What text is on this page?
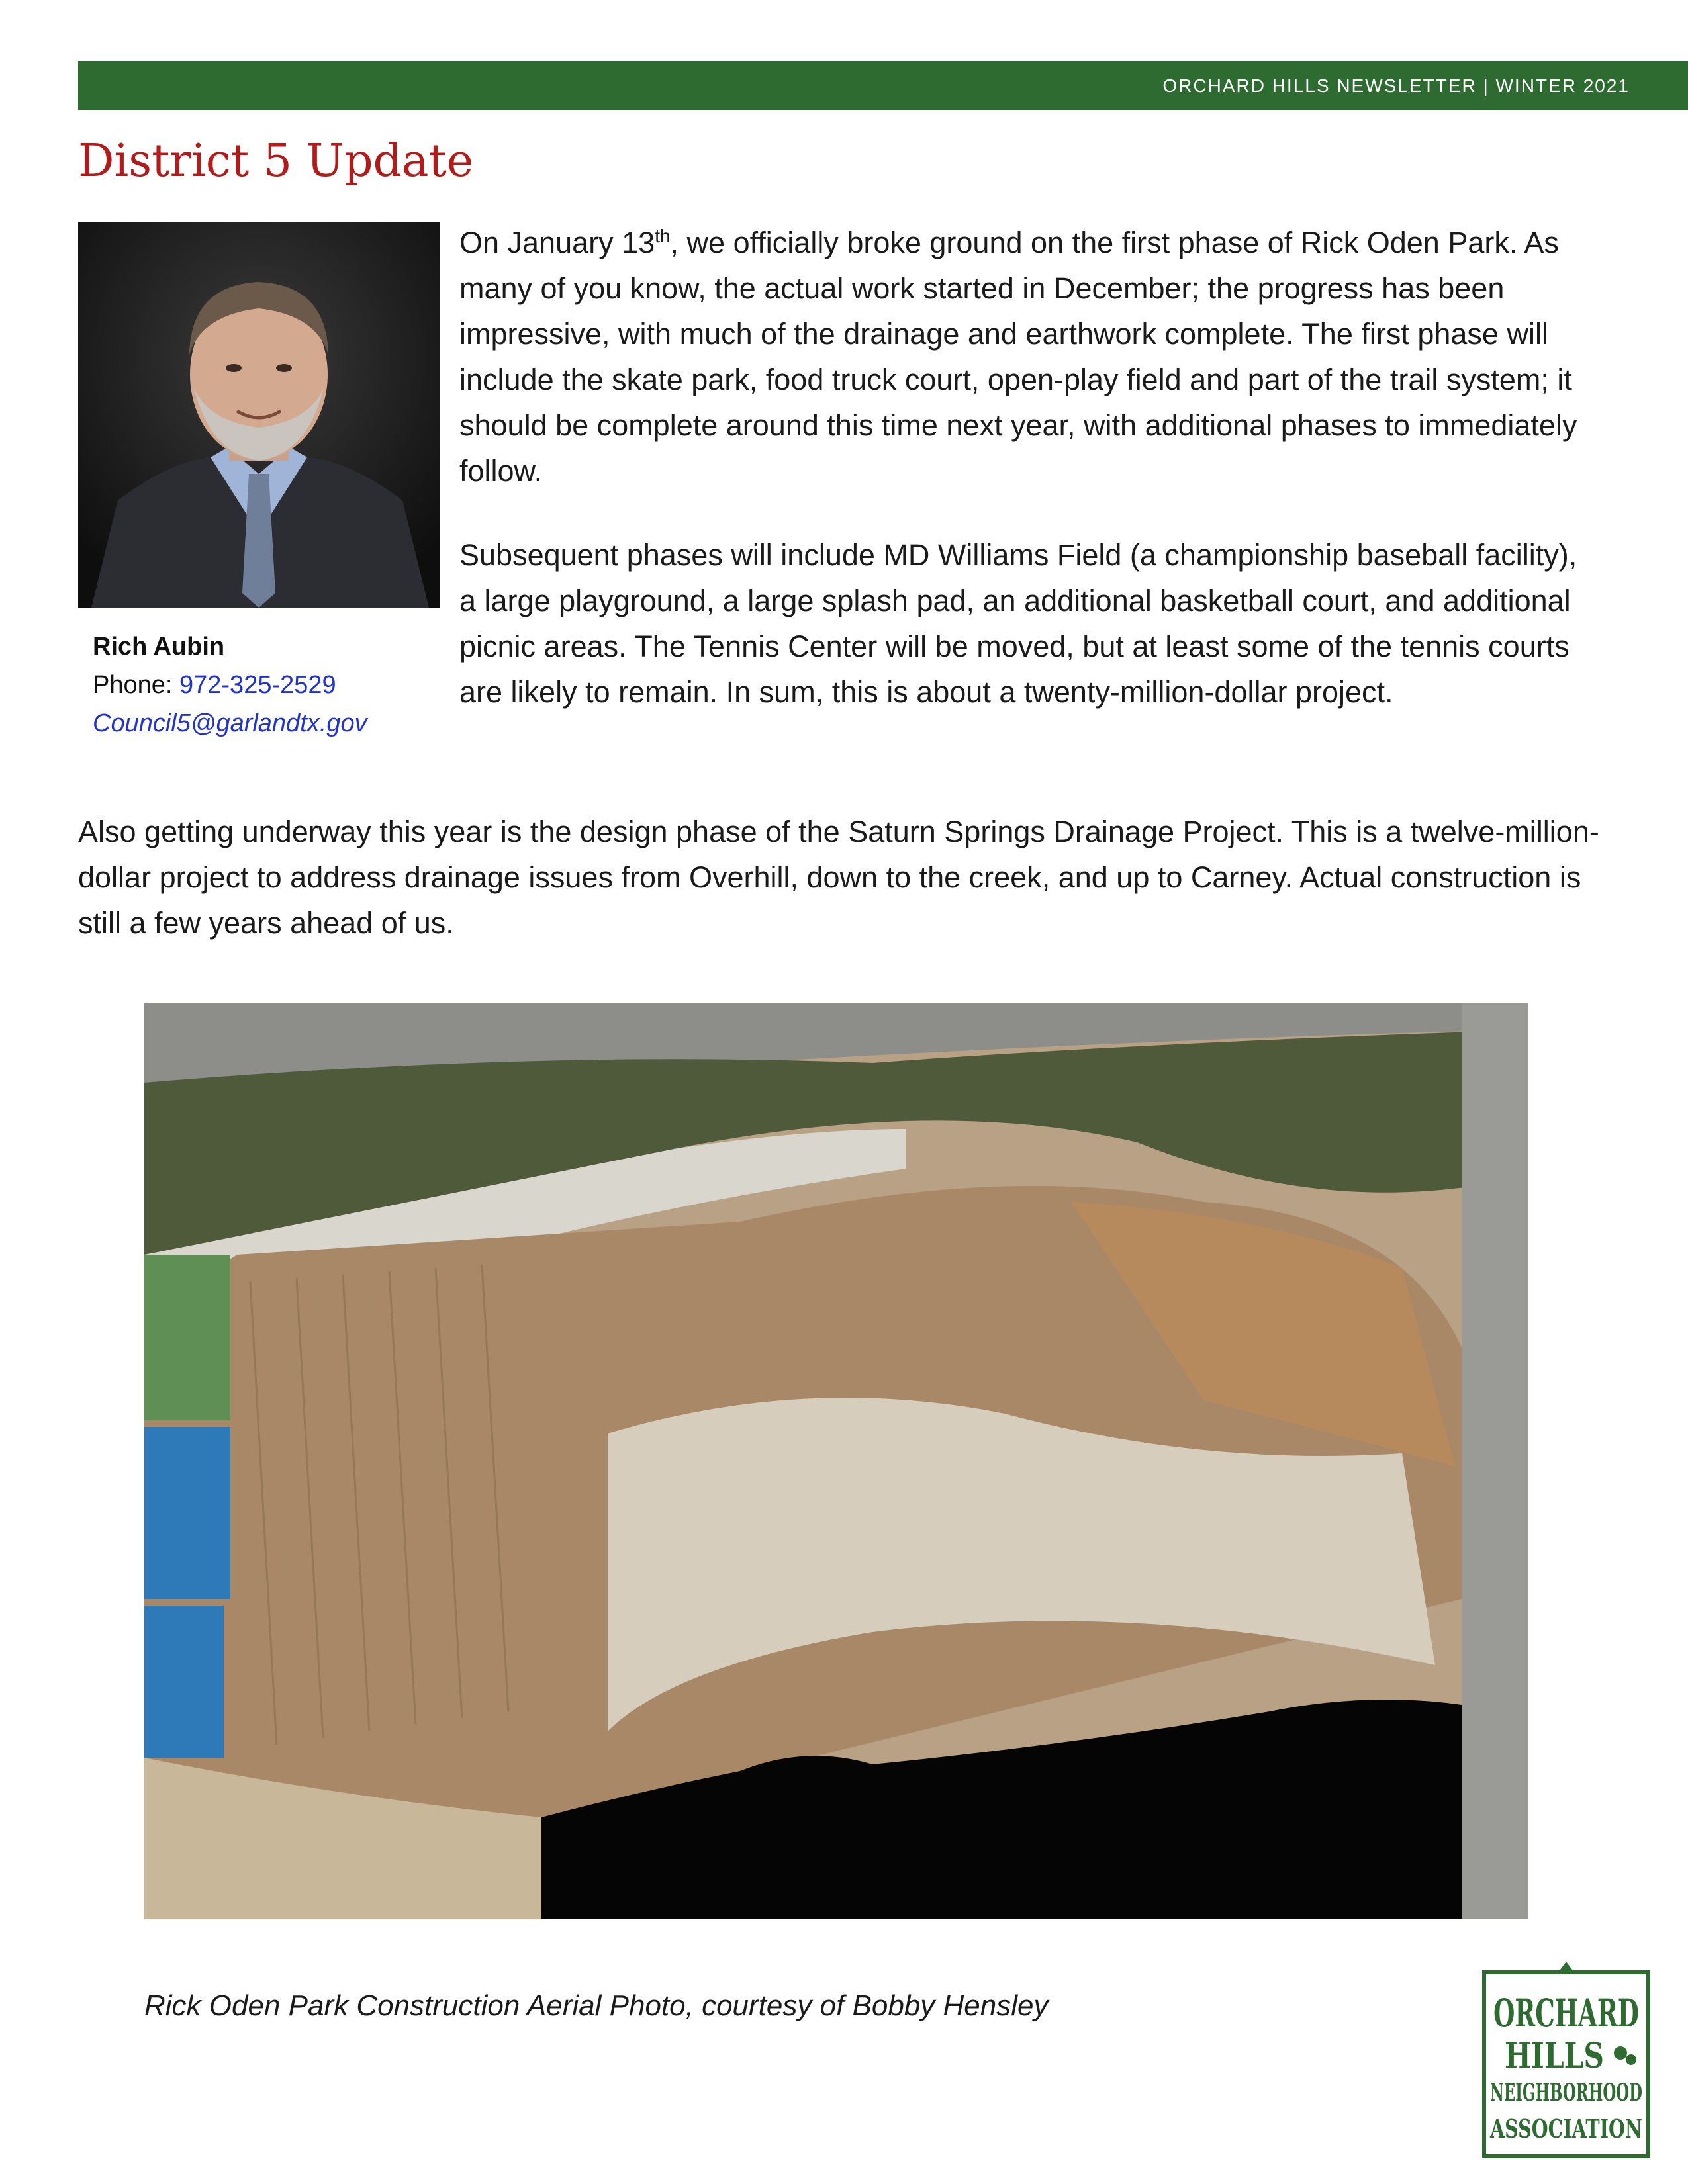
ORCHARD HILLS NEWSLETTER | WINTER 2021
District 5 Update
Rich Aubin
Phone: 972-325-2529
Council5@garlandtx.gov

On January 13th, we officially broke ground on the first phase of Rick Oden Park. As many of you know, the actual work started in December; the progress has been impressive, with much of the drainage and earthwork complete. The first phase will include the skate park, food truck court, open-play field and part of the trail system; it should be complete around this time next year, with additional phases to immediately follow.

Subsequent phases will include MD Williams Field (a championship baseball facility), a large playground, a large splash pad, an additional basketball court, and additional picnic areas. The Tennis Center will be moved, but at least some of the tennis courts are likely to remain. In sum, this is about a twenty-million-dollar project.

Also getting underway this year is the design phase of the Saturn Springs Drainage Project. This is a twelve-million-dollar project to address drainage issues from Overhill, down to the creek, and up to Carney. Actual construction is still a few years ahead of us.

Rick Oden Park Construction Aerial Photo, courtesy of Bobby Hensley	ORCHARD
HILLS
NEIGHBORHOOD
ASSOCIATION
